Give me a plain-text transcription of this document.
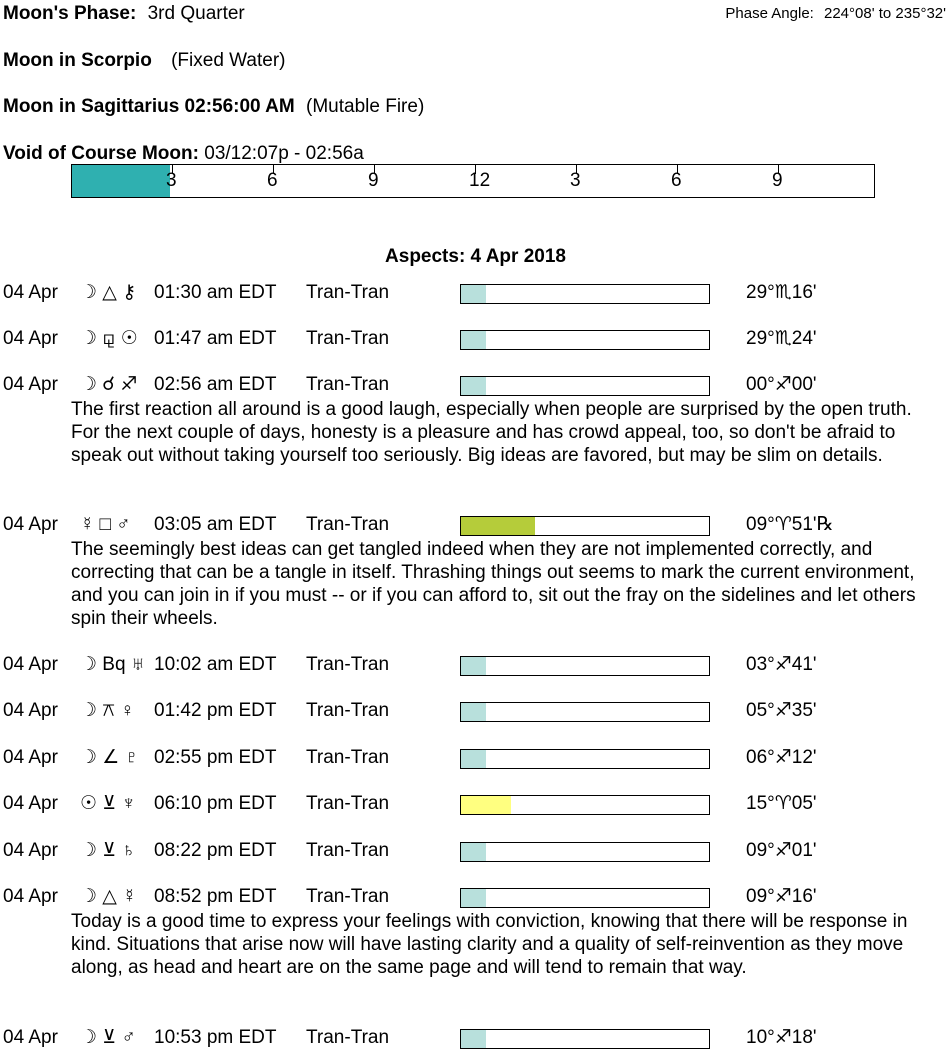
Moon's Phase: 3rd Quarter	Phase Angle: 224°08' to 235°32'
Moon in Scorpio (Fixed Water)
Moon in Sagittarius 02:56:00 AM (Mutable Fire)
Void of Course Moon: 03/12:07p - 02:56a
3	6	9	12	3	6	9
Aspects: 4 Apr 2018
04 Apr ☽ △ ⚷ 01:30 am EDT Tran-Tran	29°♏16'
04 Apr ☽ ⚼ ☉ 01:47 am EDT Tran-Tran	29°♏24'
04 Apr ☽ ☌ ♐ 02:56 am EDT Tran-Tran	00°♐00'
The first reaction all around is a good laugh, especially when people are surprised by the open truth. For the next couple of days, honesty is a pleasure and has crowd appeal, too, so don't be afraid to speak out without taking yourself too seriously. Big ideas are favored, but may be slim on details.
04 Apr ☿ □ ♂ 03:05 am EDT Tran-Tran	09°♈51'℞
The seemingly best ideas can get tangled indeed when they are not implemented correctly, and correcting that can be a tangle in itself. Thrashing things out seems to mark the current environment, and you can join in if you must -- or if you can afford to, sit out the fray on the sidelines and let others spin their wheels.
04 Apr ☽ Bq ♅ 10:02 am EDT Tran-Tran	03°♐41'
04 Apr ☽ ⚻ ♀ 01:42 pm EDT Tran-Tran	05°♐35'
04 Apr ☽ ∠ ♇ 02:55 pm EDT Tran-Tran	06°♐12'
04 Apr ☉ ⊻ ♆ 06:10 pm EDT Tran-Tran	15°♈05'
04 Apr ☽ ⊻ ♄ 08:22 pm EDT Tran-Tran	09°♐01'
04 Apr ☽ △ ☿ 08:52 pm EDT Tran-Tran	09°♐16'
Today is a good time to express your feelings with conviction, knowing that there will be response in kind. Situations that arise now will have lasting clarity and a quality of self-reinvention as they move along, as head and heart are on the same page and will tend to remain that way.
04 Apr ☽ ⊻ ♂ 10:53 pm EDT Tran-Tran	10°♐18'
